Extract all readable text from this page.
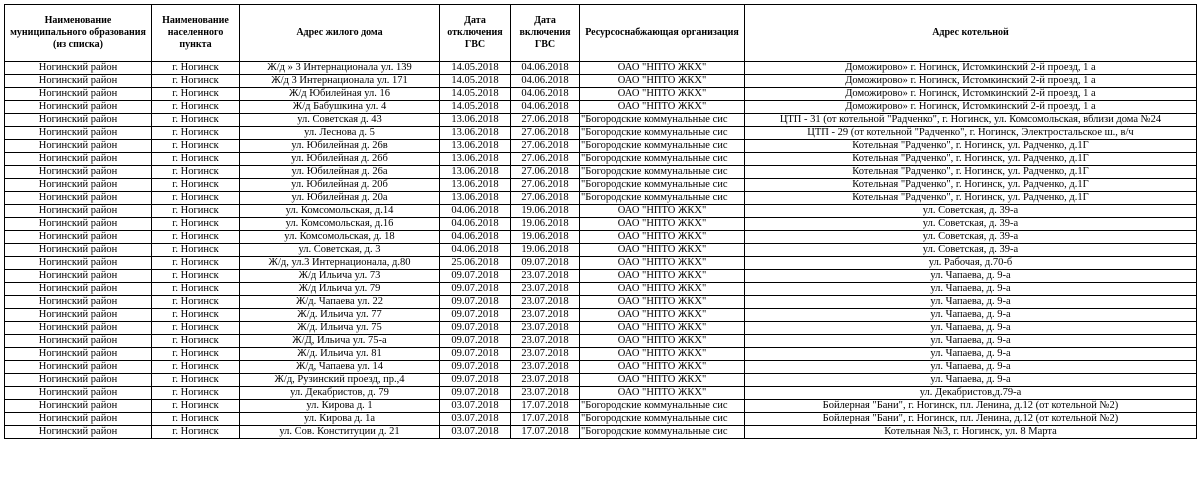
Наименование муниципального образования (из списка)	Наименование населенного пункта	Адрес жилого дома	Дата отключения ГВС	Дата включения ГВС	Ресурсоснабжающая организация	Адрес котельной
Ногинский район	г. Ногинск	Ж/д » 3 Интернационала ул. 139	14.05.2018	04.06.2018	ОАО "НПТО ЖКХ"	Доможирово» г. Ногинск, Истомкинский 2-й проезд, 1 а
Ногинский район	г. Ногинск	Ж/д 3 Интернационала ул. 171	14.05.2018	04.06.2018	ОАО "НПТО ЖКХ"	Доможирово» г. Ногинск, Истомкинский 2-й проезд, 1 а
Ногинский район	г. Ногинск	Ж/д Юбилейная ул. 16	14.05.2018	04.06.2018	ОАО "НПТО ЖКХ"	Доможирово» г. Ногинск, Истомкинский 2-й проезд, 1 а
Ногинский район	г. Ногинск	Ж/д Бабушкина ул. 4	14.05.2018	04.06.2018	ОАО "НПТО ЖКХ"	Доможирово» г. Ногинск, Истомкинский 2-й проезд, 1 а
Ногинский район	г. Ногинск	ул. Советская д. 43	13.06.2018	27.06.2018	"Богородские коммунальные сис	ЦТП - 31 (от котельной "Радченко", г. Ногинск, ул. Комсомольская, вблизи дома №24
Ногинский район	г. Ногинск	ул. Леснова д. 5	13.06.2018	27.06.2018	"Богородские коммунальные сис	ЦТП - 29 (от котельной "Радченко", г. Ногинск, Электростальское ш., в/ч
Ногинский район	г. Ногинск	ул. Юбилейная д. 26в	13.06.2018	27.06.2018	"Богородские коммунальные сис	Котельная "Радченко", г. Ногинск, ул. Радченко, д.1Г
Ногинский район	г. Ногинск	ул. Юбилейная д. 26б	13.06.2018	27.06.2018	"Богородские коммунальные сис	Котельная "Радченко", г. Ногинск, ул. Радченко, д.1Г
Ногинский район	г. Ногинск	ул. Юбилейная д. 26а	13.06.2018	27.06.2018	"Богородские коммунальные сис	Котельная "Радченко", г. Ногинск, ул. Радченко, д.1Г
Ногинский район	г. Ногинск	ул. Юбилейная д. 20б	13.06.2018	27.06.2018	"Богородские коммунальные сис	Котельная "Радченко", г. Ногинск, ул. Радченко, д.1Г
Ногинский район	г. Ногинск	ул. Юбилейная д. 20а	13.06.2018	27.06.2018	"Богородские коммунальные сис	Котельная "Радченко", г. Ногинск, ул. Радченко, д.1Г
Ногинский район	г. Ногинск	ул. Комсомольская, д.14	04.06.2018	19.06.2018	ОАО "НПТО ЖКХ"	ул. Советская, д. 39-а
Ногинский район	г. Ногинск	ул. Комсомольская, д.16	04.06.2018	19.06.2018	ОАО "НПТО ЖКХ"	ул. Советская, д. 39-а
Ногинский район	г. Ногинск	ул. Комсомольская, д. 18	04.06.2018	19.06.2018	ОАО "НПТО ЖКХ"	ул. Советская, д. 39-а
Ногинский район	г. Ногинск	ул. Советская, д. 3	04.06.2018	19.06.2018	ОАО "НПТО ЖКХ"	ул. Советская, д. 39-а
Ногинский район	г. Ногинск	Ж/д, ул.3 Интернационала, д.80	25.06.2018	09.07.2018	ОАО "НПТО ЖКХ"	ул. Рабочая, д.70-б
Ногинский район	г. Ногинск	Ж/д Ильича ул. 73	09.07.2018	23.07.2018	ОАО "НПТО ЖКХ"	ул. Чапаева, д. 9-а
Ногинский район	г. Ногинск	Ж/д Ильича ул. 79	09.07.2018	23.07.2018	ОАО "НПТО ЖКХ"	ул. Чапаева, д. 9-а
Ногинский район	г. Ногинск	Ж/д. Чапаева ул. 22	09.07.2018	23.07.2018	ОАО "НПТО ЖКХ"	ул. Чапаева, д. 9-а
Ногинский район	г. Ногинск	Ж/д. Ильича ул. 77	09.07.2018	23.07.2018	ОАО "НПТО ЖКХ"	ул. Чапаева, д. 9-а
Ногинский район	г. Ногинск	Ж/д. Ильича ул. 75	09.07.2018	23.07.2018	ОАО "НПТО ЖКХ"	ул. Чапаева, д. 9-а
Ногинский район	г. Ногинск	Ж/Д, Ильича ул. 75-а	09.07.2018	23.07.2018	ОАО "НПТО ЖКХ"	ул. Чапаева, д. 9-а
Ногинский район	г. Ногинск	Ж/д. Ильича ул. 81	09.07.2018	23.07.2018	ОАО "НПТО ЖКХ"	ул. Чапаева, д. 9-а
Ногинский район	г. Ногинск	Ж/д, Чапаева ул. 14	09.07.2018	23.07.2018	ОАО "НПТО ЖКХ"	ул. Чапаева, д. 9-а
Ногинский район	г. Ногинск	Ж/д, Рузинский проезд, пр.,4	09.07.2018	23.07.2018	ОАО "НПТО ЖКХ"	ул. Чапаева, д. 9-а
Ногинский район	г. Ногинск	ул. Декабристов, д. 79	09.07.2018	23.07.2018	ОАО "НПТО ЖКХ"	ул. Декабристов,д.79-а
Ногинский район	г. Ногинск	ул. Кирова д. 1	03.07.2018	17.07.2018	"Богородские коммунальные сис	Бойлерная "Бани", г. Ногинск, пл. Ленина, д.12 (от котельной №2)
Ногинский район	г. Ногинск	ул. Кирова д. 1а	03.07.2018	17.07.2018	"Богородские коммунальные сис	Бойлерная "Бани", г. Ногинск, пл. Ленина, д.12 (от котельной №2)
Ногинский район	г. Ногинск	ул. Сов. Конституции д. 21	03.07.2018	17.07.2018	"Богородские коммунальные сис	Котельная №3, г. Ногинск, ул. 8 Марта
